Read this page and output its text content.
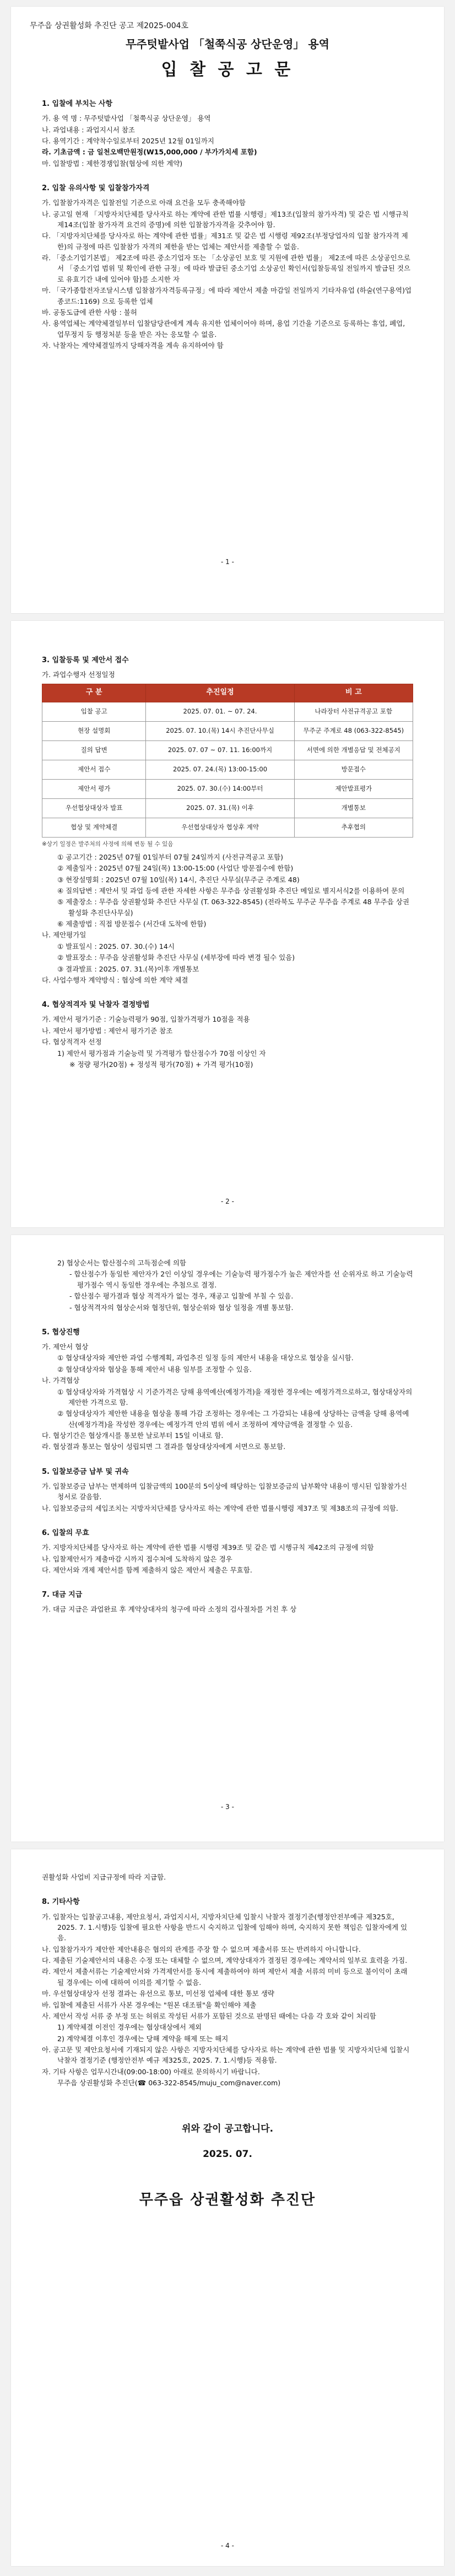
무주읍 상권활성화 추진단 공고 제2025-004호
무주텃밭사업 「철쭉식공 상단운영」 용역
입 찰 공 고 문
1. 입찰에 부치는 사항
가. 용 역 명 : 무주텃밭사업 「철쭉식공 상단운영」 용역
나. 과업내용 : 과업지시서 참조
다. 용역기간 : 계약착수일로부터 2025년 12월 01일까지
라. 기초금액 : 금 일천오백만원정(W15,000,000 / 부가가치세 포함)
마. 입찰방법 : 제한경쟁입찰(협상에 의한 계약)
2. 입찰 유의사항 및 입찰참가자격
가. 입찰참가자격은 입찰전일 기준으로 아래 요건을 모두 충족해야함
나. 공고일 현재 「지방자치단체를 당사자로 하는 계약에 관한 법률 시행령」제13조(입찰의 참가자격) 및 같은 법 시행규칙 제14조(입찰 참가자격 요건의 증명)에 의한 입찰참가자격을 갖추어야 함.
다. 「지방자치단체를 당사자로 하는 계약에 관한 법률」제31조 및 같은 법 시행령 제92조(부정당업자의 입찰 참가자격 제한)의 규정에 따른 입찰참가 자격의 제한을 받는 업체는 제안서를 제출할 수 없음.
라. 「중소기업기본법」 제2조에 따른 중소기업자 또는 「소상공인 보호 및 지원에 관한 법률」 제2조에 따른 소상공인으로서 「중소기업 범위 및 확인에 관한 규정」에 따라 발급된 중소기업 소상공인 확인서(입찰등록일 전일까지 발급된 것으로 유효기간 내에 있어야 함)를 소지한 자
마. 「국가종합전자조달시스템 입찰참가자격등록규정」에 따라 제안서 제출 마감일 전일까지 기타자유업 (하술(연구용역)업종코드:1169) 으로 등록한 업체
바. 공동도급에 관한 사항 : 불허
사. 용역업체는 계약체결일부터 입찰담당관에게 계속 유지한 업체이어야 하며, 용업 기간을 기준으로 등록하는 휴업, 폐업, 업무정지 등 행정처분 등을 받은 자는 응모할 수 없음.
자. 낙찰자는 계약체결일까지 당해자격을 계속 유지하여야 함
- 1 -
3. 입찰등록 및 제안서 접수
가. 과업수행자 선정일정
구 분	추진일정	비 고
입찰 공고	2025. 07. 01. ~ 07. 24.	나라장터 사전규격공고 포함
현장 설명회	2025. 07. 10.(목) 14시 추진단사무실	무주군 주계로 48 (063-322-8545)
질의 답변	2025. 07. 07 ~ 07. 11. 16:00까지	서면에 의한 개별응답 및 전체공지
제안서 접수	2025. 07. 24.(목) 13:00-15:00	방문접수
제안서 평가	2025. 07. 30.(수) 14:00부터	제안발표평가
우선협상대상자 발표	2025. 07. 31.(목) 이후	개별통보
협상 및 계약체결	우선협상대상자 협상후 계약	추후협의
※상기 일정은 발주처의 사정에 의해 변동 될 수 있음
① 공고기간 : 2025년 07월 01일부터 07월 24일까지 (사전규격공고 포함)
② 제출일자 : 2025년 07월 24일(목) 13:00-15:00 (사업단 방문접수에 한함)
③ 현장설명회 : 2025년 07월 10일(목) 14시, 추진단 사무실(무주군 주계로 48)
④ 질의답변 : 제안서 및 과업 등에 관한 자세한 사항은 무주읍 상권활성화 추진단 메일로 별지서식2를 이용하여 문의
⑤ 제출장소 : 무주읍 상권활성화 추진단 사무실 (T. 063-322-8545) (전라북도 무주군 무주읍 주계로 48 무주읍 상권활성화 추진단사무실)
⑥ 제출방법 : 직접 방문접수 (서간대 도착에 한함)
나. 제안평가일
① 발표일시 : 2025. 07. 30.(수) 14시
② 발표장소 : 무주읍 상권활성화 추진단 사무실 (세부장에 따라 변경 될수 있음)
③ 결과발표 : 2025. 07. 31.(목)이후 개별통보
다. 사업수행자 계약방식 : 협상에 의한 계약 체결
4. 협상적격자 및 낙찰자 결정방법
가. 제안서 평가기준 : 기술능력평가 90점, 입찰가격평가 10점을 적용
나. 제안서 평가방법 : 제안서 평가기준 참조
다. 협상적격자 선정
1) 제안서 평가점과 기술능력 및 가격평가 합산점수가 70점 이상인 자
※ 정량 평가(20점) + 정성적 평가(70점) + 가격 평가(10점)
- 2 -
2) 협상순서는 합산점수의 고득점순에 의함
- 합산점수가 동일한 제안자가 2인 이상일 경우에는 기술능력 평가점수가 높은 제안자를 선 순위자로 하고 기술능력 평가점수 역시 동일한 경우에는 추첨으로 결정.
- 합산점수 평가결과 협상 적격자가 없는 경우, 재공고 입찰에 부칠 수 있음.
- 협상적격자의 협상순서와 협정단위, 협상순위와 협상 일정을 개별 통보함.
5. 협상진행
가. 제안서 협상
① 협상대상자와 제안한 과업 수행계획, 과업추진 일정 등의 제안서 내용을 대상으로 협상을 실시함.
② 협상대상자와 협상을 통해 제안서 내용 일부를 조정할 수 있음.
나. 가격협상
① 협상대상자와 가격협상 시 기준가격은 당해 용역예산(예정가격)을 재정한 경우에는 예정가격으로하고, 협상대상자의 제안한 가격으로 함.
② 협상대상자가 제안한 내용을 협상을 통해 가감 조정하는 경우에는 그 가감되는 내용에 상당하는 금액을 당해 용역예산(예정가격)을 작성한 경우에는 예정가격 안의 범위 에서 조정하여 계약금액을 결정할 수 있음.
다. 협상기간은 협상개시를 통보한 날로부터 15일 이내로 함.
라. 협상결과 통보는 협상이 성립되면 그 결과를 협상대상자에게 서면으로 통보함.
5. 입찰보증금 납부 및 귀속
가. 입찰보증금 납부는 면제하며 입찰금액의 100분의 5이상에 해당하는 입찰보증금의 납부확약 내용이 명시된 입찰참가신청서로 갈음함.
나. 입찰보증금의 세입조치는 지방자치단체를 당사자로 하는 계약에 관한 법률시행령 제37조 및 제38조의 규정에 의함.
6. 입찰의 무효
가. 지방자치단체를 당사자로 하는 계약에 관한 법률 시행령 제39조 및 같은 법 시행규칙 제42조의 규정에 의함
나. 입찰제안서가 제출마감 시까지 접수처에 도착하지 않은 경우
다. 제안서와 개제 제안서를 함께 제출하지 않은 제안서 제출은 무효함.
7. 대금 지급
가. 대금 지급은 과업완료 후 계약상대자의 청구에 따라 소정의 검사절차를 거친 후 상
- 3 -
권활성화 사업비 지급규정에 따라 지급함.
8. 기타사항
가. 입찰자는 입찰공고내용, 제안요청서, 과업지시서, 지방자치단체 입찰시 낙찰자 결정기준(행정안전부예규 제325호, 2025. 7. 1.시행)등 입찰에 필요한 사항을 반드시 숙지하고 입찰에 임해야 하며, 숙지하지 못한 책임은 입찰자에게 있음.
나. 입찰참가자가 제안한 제안내용은 협의의 관계를 주장 할 수 없으며 제출서류 또는 반려하지 아니합니다.
다. 제출된 기술제안서의 내용은 수정 또는 대체할 수 없으며, 계약상대자가 결정된 경우에는 계약서의 일부로 효력을 가짐.
라. 제안서 제출서류는 기술제안서와 가격제안서를 동시에 제출하여야 하며 제안서 제출 서류의 미비 등으로 불이익이 초래될 경우에는 이에 대하여 이의를 제기할 수 없음.
마. 우선협상대상자 선정 결과는 유선으로 통보, 미선정 업체에 대한 통보 생략
바. 입찰에 제출된 서류가 사본 경우에는 "원본 대조필"을 확인해야 제출
사. 제안서 작성 서류 중 부정 또는 허위로 작성된 서류가 포함된 것으로 판명된 때에는 다음 각 호와 같이 처리함
1) 계약체결 이전인 경우에는 협상대상에서 제외
2) 계약체결 이후인 경우에는 당해 계약을 해제 또는 해지
아. 공고문 및 제안요청서에 기재되지 않은 사항은 지방자치단체를 당사자로 하는 계약에 관한 법률 및 지방자치단체 입찰시 낙찰자 결정기준 (행정안전부 예규 제325호, 2025. 7. 1.시행)등 적용함.
자. 기타 사항은 업무시간내(09:00-18:00) 아래로 문의하시기 바랍니다.
무주읍 상권활성화 추진단(☎ 063-322-8545/muju_com@naver.com)
위와 같이 공고합니다.
2025. 07.
무주읍 상권활성화 추진단
- 4 -
